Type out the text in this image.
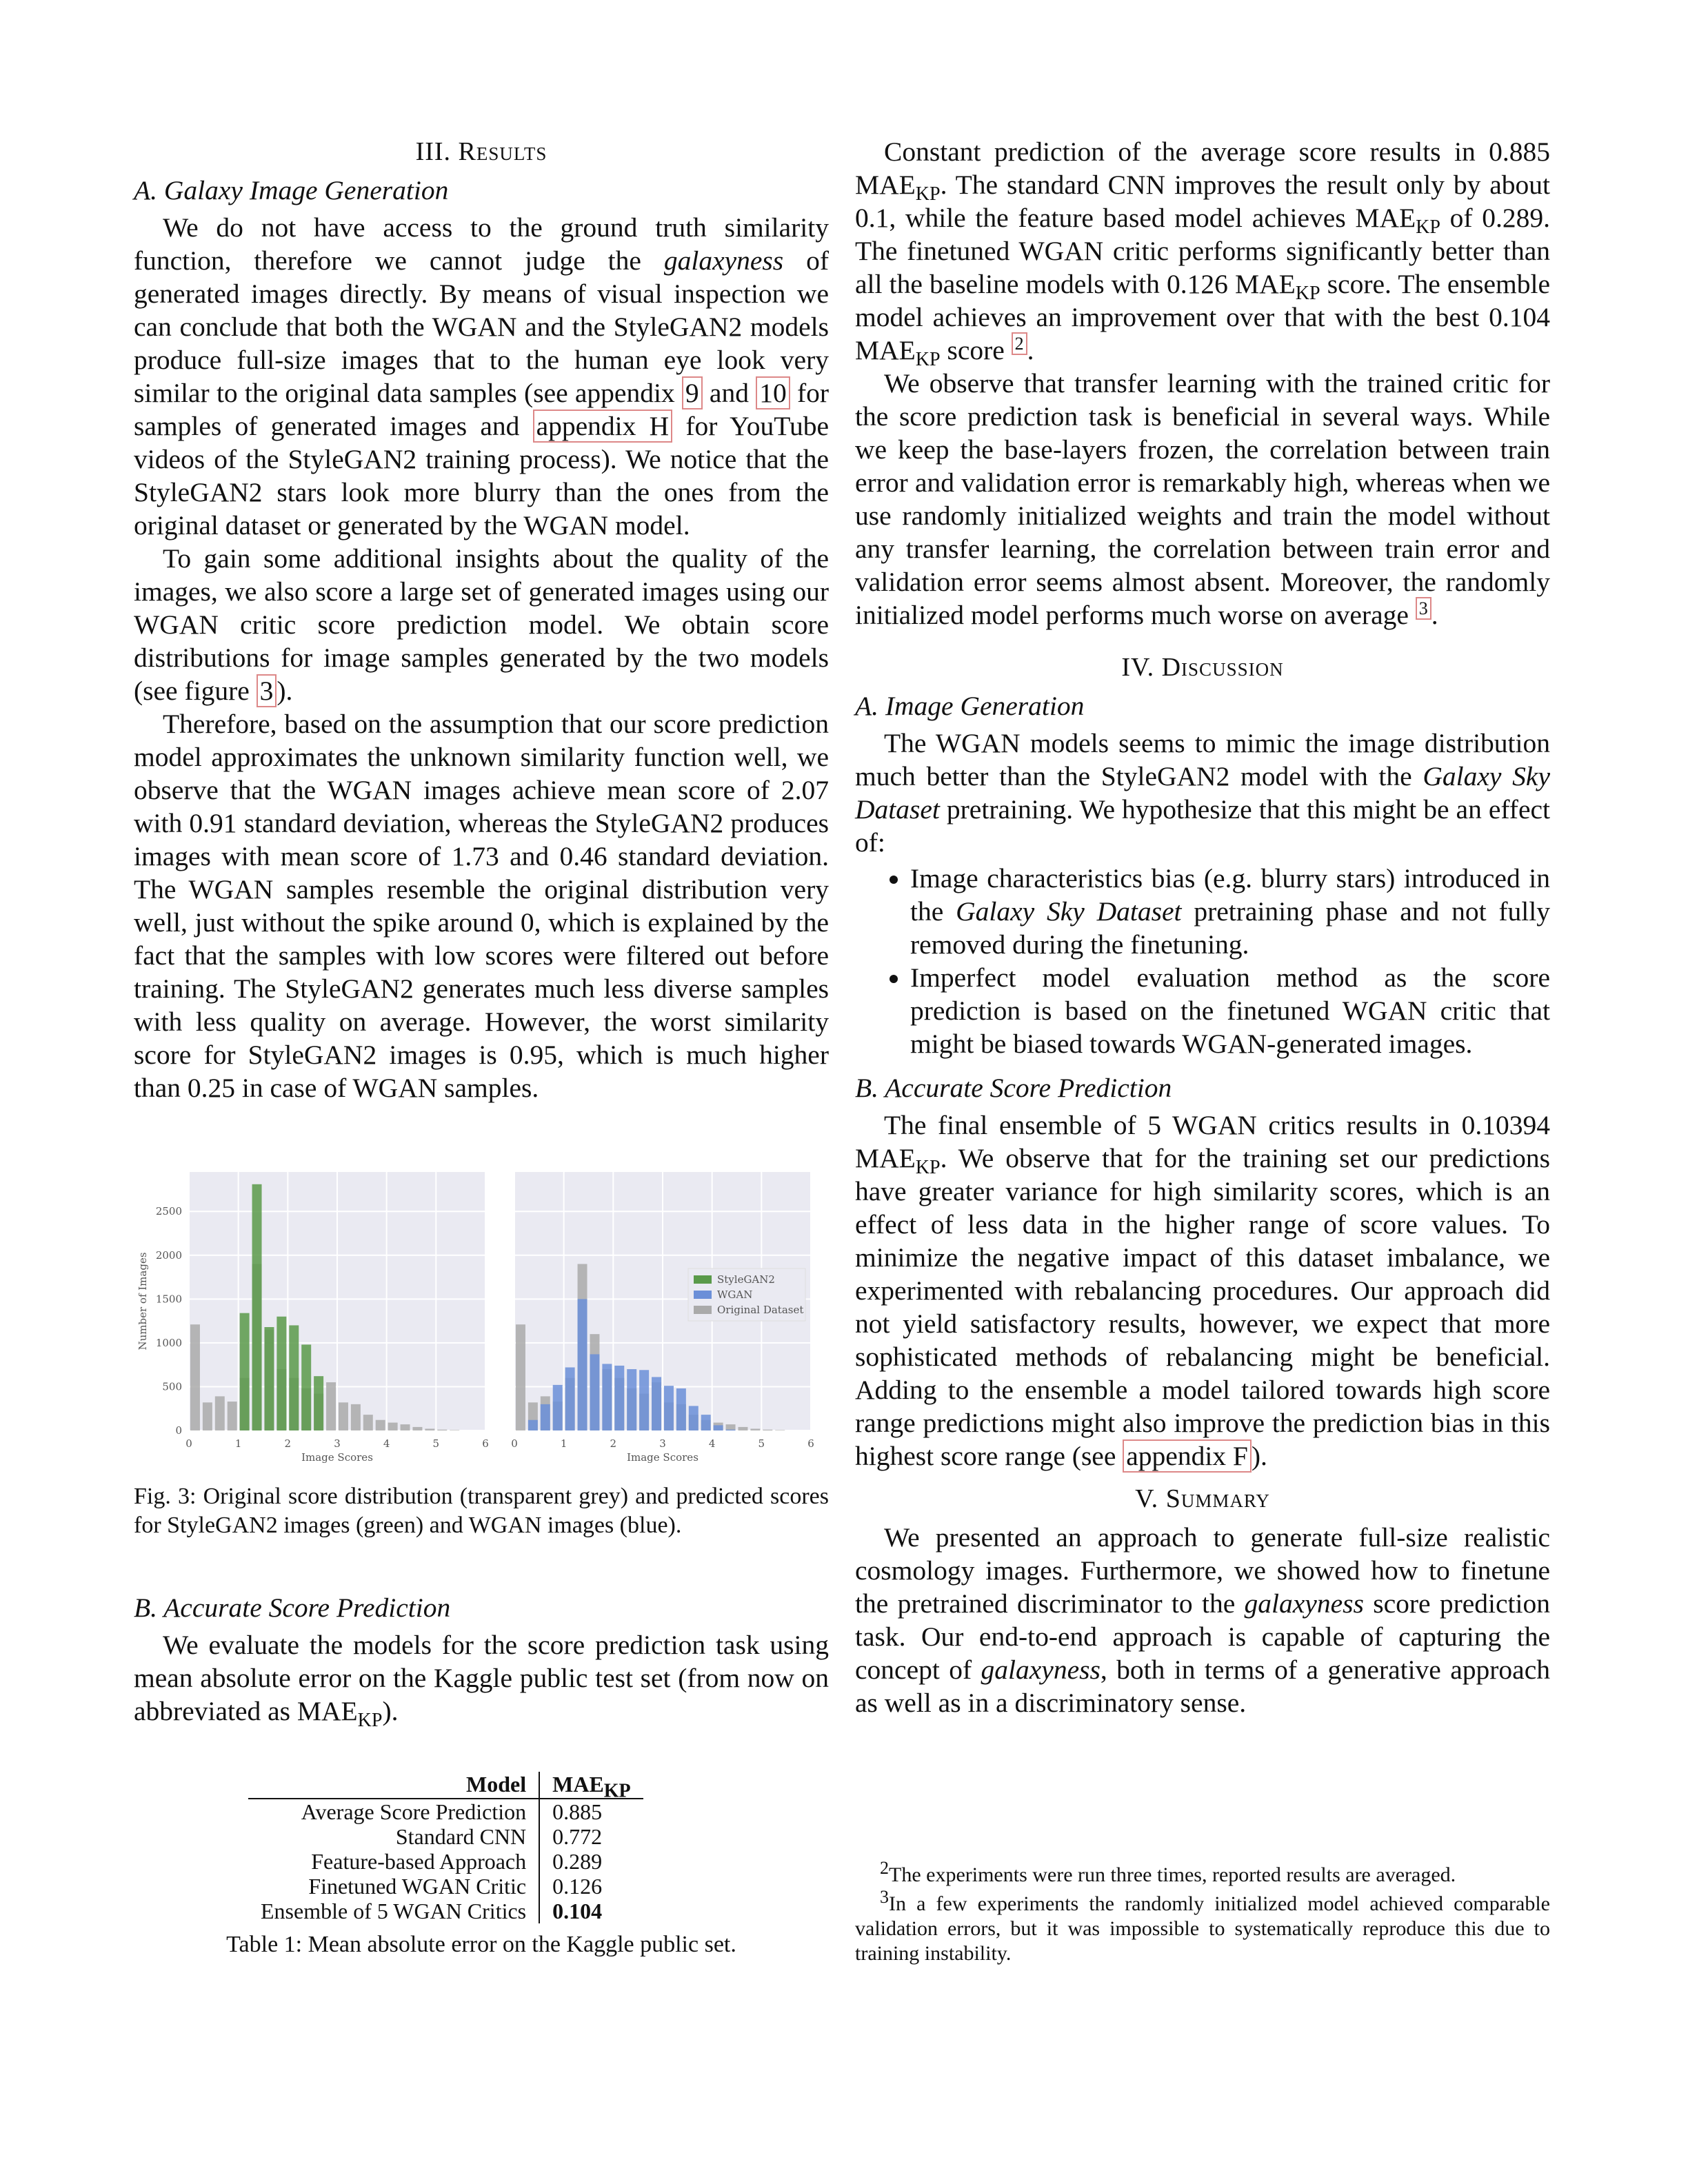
III. Results
A. Galaxy Image Generation

We do not have access to the ground truth similarity function, therefore we cannot judge the galaxyness of generated images directly. By means of visual inspection we can conclude that both the WGAN and the StyleGAN2 models produce full-size images that to the human eye look very similar to the original data samples (see appendix 9 and 10 for samples of generated images and appendix H for YouTube videos of the StyleGAN2 training process). We notice that the StyleGAN2 stars look more blurry than the ones from the original dataset or generated by the WGAN model.

To gain some additional insights about the quality of the images, we also score a large set of generated images using our WGAN critic score prediction model. We obtain score distributions for image samples generated by the two models (see figure 3 ).

Therefore, based on the assumption that our score prediction model approximates the unknown similarity function well, we observe that the WGAN images achieve mean score of 2.07 with 0.91 standard deviation, whereas the StyleGAN2 produces images with mean score of 1.73 and 0.46 standard deviation. The WGAN samples resemble the original distribution very well, just without the spike around 0, which is explained by the fact that the samples with low scores were filtered out before training. The StyleGAN2 generates much less diverse samples with less quality on average. However, the worst similarity score for StyleGAN2 images is 0.95, which is much higher than 0.25 in case of WGAN samples.

0	1	2	3	4	5	6
0
500
1000
1500
2000
2500
Image Scores
Number of Images
0	1	2	3	4	5	6
Image Scores
StyleGAN2
WGAN
Original Dataset
Fig. 3: Original score distribution (transparent grey) and predicted scores for StyleGAN2 images (green) and WGAN images (blue).
B. Accurate Score Prediction

We evaluate the models for the score prediction task using mean absolute error on the Kaggle public test set (from now on abbreviated as $MAE_{KP}$).

Model	MAEKP
Average Score Prediction	0.885
Standard CNN	0.772
Feature-based Approach	0.289
Finetuned WGAN Critic	0.126
Ensemble of 5 WGAN Critics	0.104
Table 1: Mean absolute error on the Kaggle public set.

Constant prediction of the average score results in 0.885 $MAE_{KP}$. The standard CNN improves the result only by about 0.1, while the feature based model achieves $MAE_{KP}$ of 0.289. The finetuned WGAN critic performs significantly better than all the baseline models with 0.126 $MAE_{KP}$ score. The ensemble model achieves an improvement over that with the best 0.104 $MAE_{KP}$ score $^2$ .

We observe that transfer learning with the trained critic for the score prediction task is beneficial in several ways. While we keep the base-layers frozen, the correlation between train error and validation error is remarkably high, whereas when we use randomly initialized weights and train the model without any transfer learning, the correlation between train error and validation error seems almost absent. Moreover, the randomly initialized model performs much worse on average $^3$ .

IV. Discussion
A. Image Generation

The WGAN models seems to mimic the image distribution much better than the StyleGAN2 model with the Galaxy Sky Dataset pretraining. We hypothesize that this might be an effect of:

• Image characteristics bias (e.g. blurry stars) introduced in the Galaxy Sky Dataset pretraining phase and not fully removed during the finetuning.
• Imperfect model evaluation method as the score prediction is based on the finetuned WGAN critic that might be biased towards WGAN-generated images.
B. Accurate Score Prediction

The final ensemble of 5 WGAN critics results in 0.10394 $MAE_{KP}$. We observe that for the training set our predictions have greater variance for high similarity scores, which is an effect of less data in the higher range of score values. To minimize the negative impact of this dataset imbalance, we experimented with rebalancing procedures. Our approach did not yield satisfactory results, however, we expect that more sophisticated methods of rebalancing might be beneficial. Adding to the ensemble a model tailored towards high score range predictions might also improve the prediction bias in this highest score range (see appendix F ).

V. Summary

We presented an approach to generate full-size realistic cosmology images. Furthermore, we showed how to finetune the pretrained discriminator to the galaxyness score prediction task. Our end-to-end approach is capable of capturing the concept of galaxyness, both in terms of a generative approach as well as in a discriminatory sense.

2The experiments were run three times, reported results are averaged.

3In a few experiments the randomly initialized model achieved comparable validation errors, but it was impossible to systematically reproduce this due to training instability.
